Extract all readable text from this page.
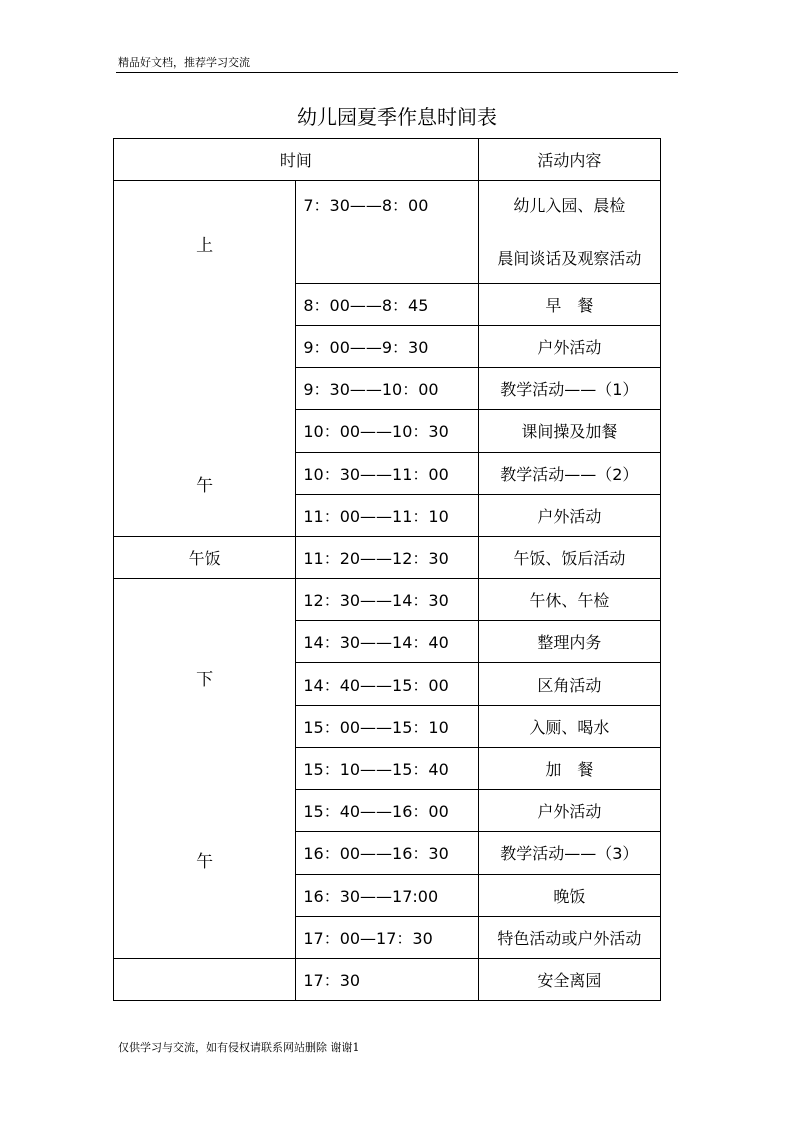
精品好文档，推荐学习交流
幼儿园夏季作息时间表
时间		活动内容

上
午	7：30——8：00	幼儿入园、晨检
晨间谈话及观察活动

	8：00——8：45	早　餐
	9：00——9：30	户外活动
	9：30——10：00	教学活动——（1）
	10：00——10：30	课间操及加餐
	10：30——11：00	教学活动——（2）
	11：00——11：10	户外活动
午饭	11：20——12：30	午饭、饭后活动

下
午	12：30——14：30	午休、午检
	14：30——14：40	整理内务
	14：40——15：00	区角活动
	15：00——15：10	入厕、喝水
	15：10——15：40	加　餐
	15：40——16：00	户外活动
	16：00——16：30	教学活动——（3）
	16：30——17:00	晚饭
	17：00—17：30	特色活动或户外活动
	17：30	安全离园
仅供学习与交流，如有侵权请联系网站删除 谢谢1
